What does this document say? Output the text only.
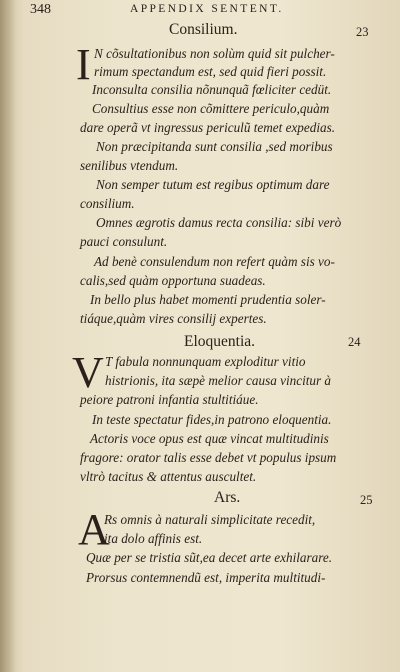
348	APPENDIX SENTENT.
Consilium.	23
I N cõsultationibus non solùm quid sit pulcher-
rimum spectandum est, sed quid fieri possit.
Inconsulta consilia nõnunquã fœliciter cedüt.
Consultius esse non cõmittere periculo,quàm
dare operã vt ingressus periculũ temet expedias.
Non præcipitanda sunt consilia ,sed moribus
senilibus vtendum.
Non semper tutum est regibus optimum dare
consilium.
Omnes ægrotis damus recta consilia: sibi verò
pauci consulunt.
Ad benè consulendum non refert quàm sis vo-
calis,sed quàm opportuna suadeas.
In bello plus habet momenti prudentia soler-
tiáque,quàm vires consilij expertes.
Eloquentia.	24
V T fabula nonnunquam exploditur vitio
histrionis, ita sæpè melior causa vincitur à
peiore patroni infantia stultitiáue.
In teste spectatur fides,in patrono eloquentia.
Actoris voce opus est quæ vincat multitudinis
fragore: orator talis esse debet vt populus ipsum
vltrò tacitus & attentus auscultet.
Ars.	25
A
Rs omnis à naturali simplicitate recedit,
ita dolo affinis est.
Quæ per se tristia sũt,ea decet arte exhilarare.
Prorsus contemnendũ est, imperita multitudi-
